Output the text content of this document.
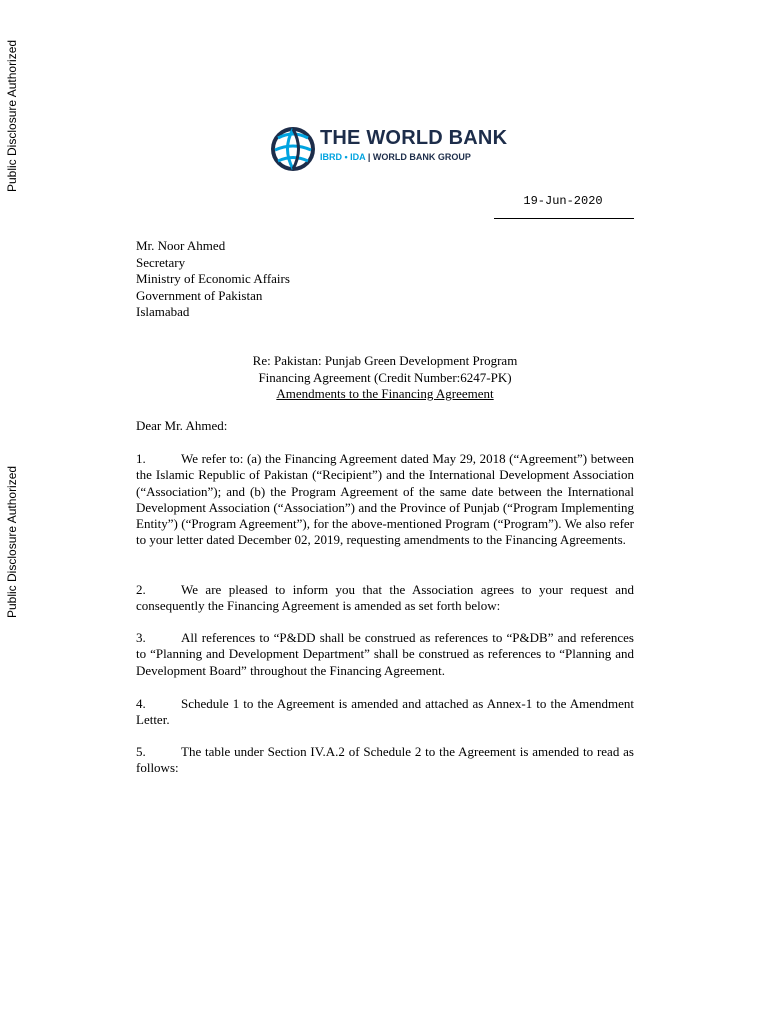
Public Disclosure Authorized
Public Disclosure Authorized
THE WORLD BANK
IBRD • IDA | WORLD BANK GROUP
19-Jun-2020
Mr. Noor Ahmed
Secretary
Ministry of Economic Affairs
Government of Pakistan
Islamabad
Re: Pakistan: Punjab Green Development Program
Financing Agreement (Credit Number:6247-PK)
Amendments to the Financing Agreement
Dear Mr. Ahmed:
1.	We refer to: (a) the Financing Agreement dated May 29, 2018 (“Agreement”) between the Islamic Republic of Pakistan (“Recipient”) and the International Development Association (“Association”); and (b) the Program Agreement of the same date between the International Development Association (“Association”) and the Province of Punjab (“Program Implementing Entity”) (“Program Agreement”), for the above-mentioned Program (“Program”). We also refer to your letter dated December 02, 2019, requesting amendments to the Financing Agreements.
2.	We are pleased to inform you that the Association agrees to your request and consequently the Financing Agreement is amended as set forth below:
3.	All references to “P&DD shall be construed as references to “P&DB” and references to “Planning and Development Department” shall be construed as references to “Planning and Development Board” throughout the Financing Agreement.
4.	Schedule 1 to the Agreement is amended and attached as Annex-1 to the Amendment Letter.
5.	The table under Section IV.A.2 of Schedule 2 to the Agreement is amended to read as follows:
